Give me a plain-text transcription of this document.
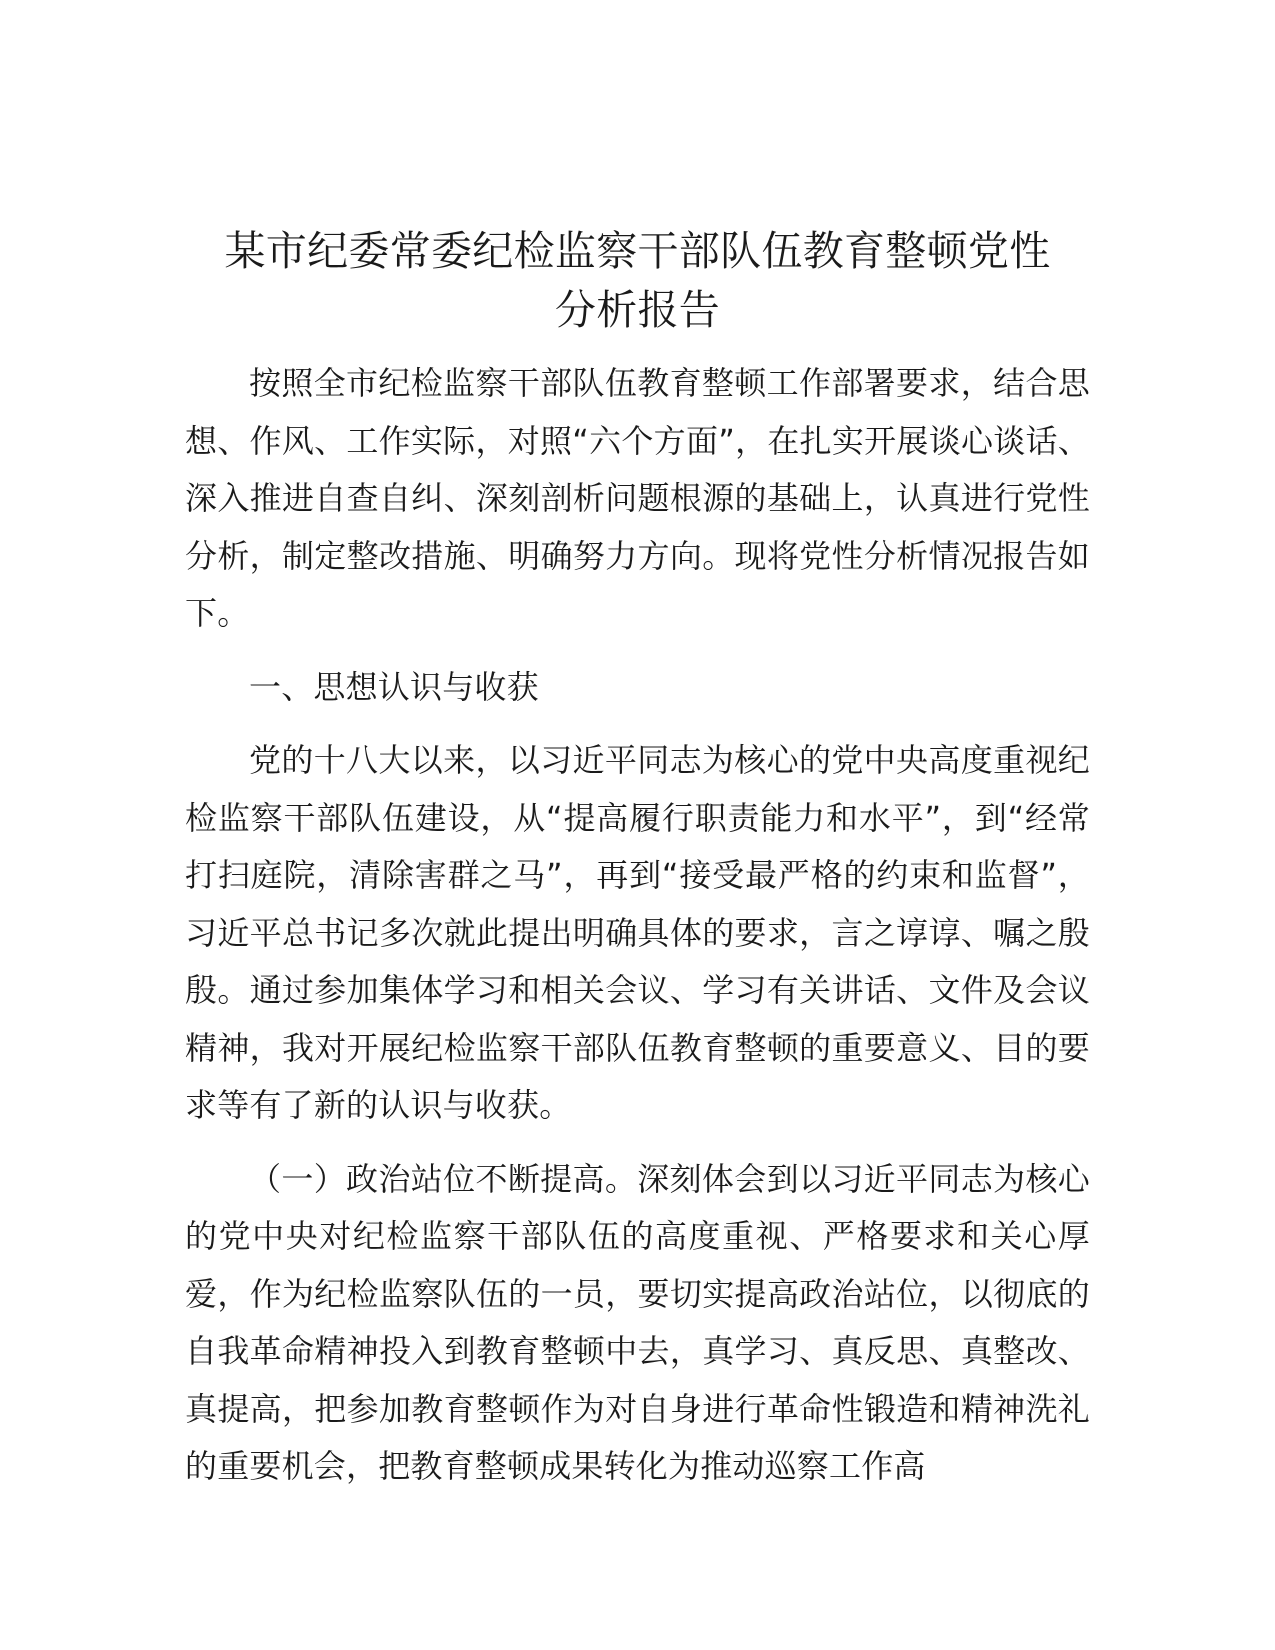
某市纪委常委纪检监察干部队伍教育整顿党性
分析报告

按照全市纪检监察干部队伍教育整顿工作部署要求，结合思想、作风、工作实际，对照“六个方面”，在扎实开展谈心谈话、深入推进自查自纠、深刻剖析问题根源的基础上，认真进行党性分析，制定整改措施、明确努力方向。现将党性分析情况报告如下。

一、思想认识与收获

党的十八大以来，以习近平同志为核心的党中央高度重视纪检监察干部队伍建设，从“提高履行职责能力和水平”，到“经常打扫庭院，清除害群之马”，再到“接受最严格的约束和监督”，习近平总书记多次就此提出明确具体的要求，言之谆谆、嘱之殷殷。通过参加集体学习和相关会议、学习有关讲话、文件及会议精神，我对开展纪检监察干部队伍教育整顿的重要意义、目的要求等有了新的认识与收获。

（一）政治站位不断提高。深刻体会到以习近平同志为核心的党中央对纪检监察干部队伍的高度重视、严格要求和关心厚爱，作为纪检监察队伍的一员，要切实提高政治站位，以彻底的自我革命精神投入到教育整顿中去，真学习、真反思、真整改、真提高，把参加教育整顿作为对自身进行革命性锻造和精神洗礼的重要机会，把教育整顿成果转化为推动巡察工作高
